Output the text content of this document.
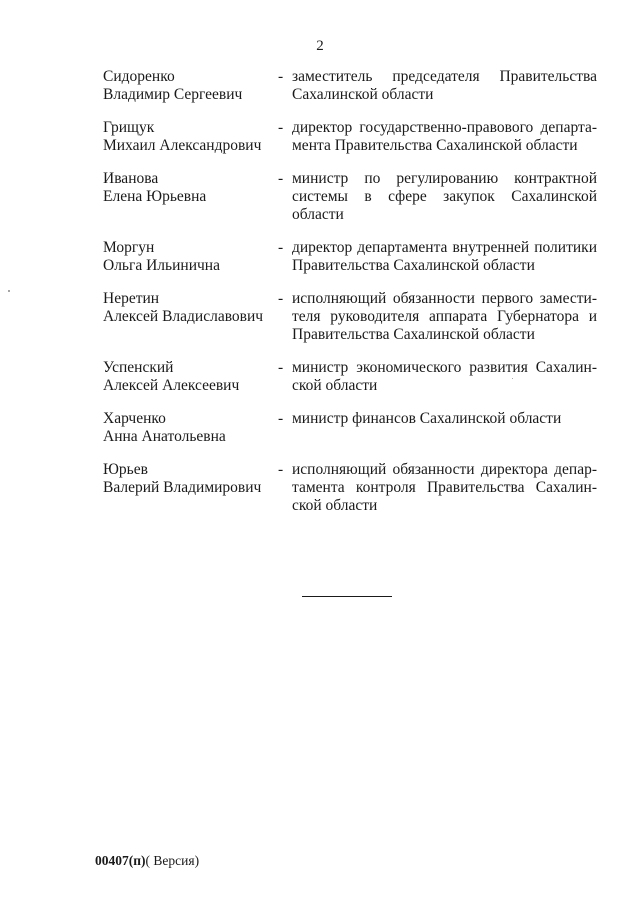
2
Сидоренко
Владимир Сергеевич
- заместитель председателя Правительства Сахалинской области
Грищук
Михаил Александрович
- директор государственно-правового департа-мента Правительства Сахалинской области
Иванова
Елена Юрьевна
- министр по регулированию контрактной системы в сфере закупок Сахалинской области
Моргун
Ольга Ильинична
- директор департамента внутренней политики Правительства Сахалинской области
Неретин
Алексей Владиславович
- исполняющий обязанности первого замести-теля руководителя аппарата Губернатора и Правительства Сахалинской области
Успенский
Алексей Алексеевич
- министр экономического развития Сахалин-ской области
Харченко
Анна Анатольевна
- министр финансов Сахалинской области
Юрьев
Валерий Владимирович
- исполняющий обязанности директора депар-тамента контроля Правительства Сахалин-ской области
00407(п)( Версия)
